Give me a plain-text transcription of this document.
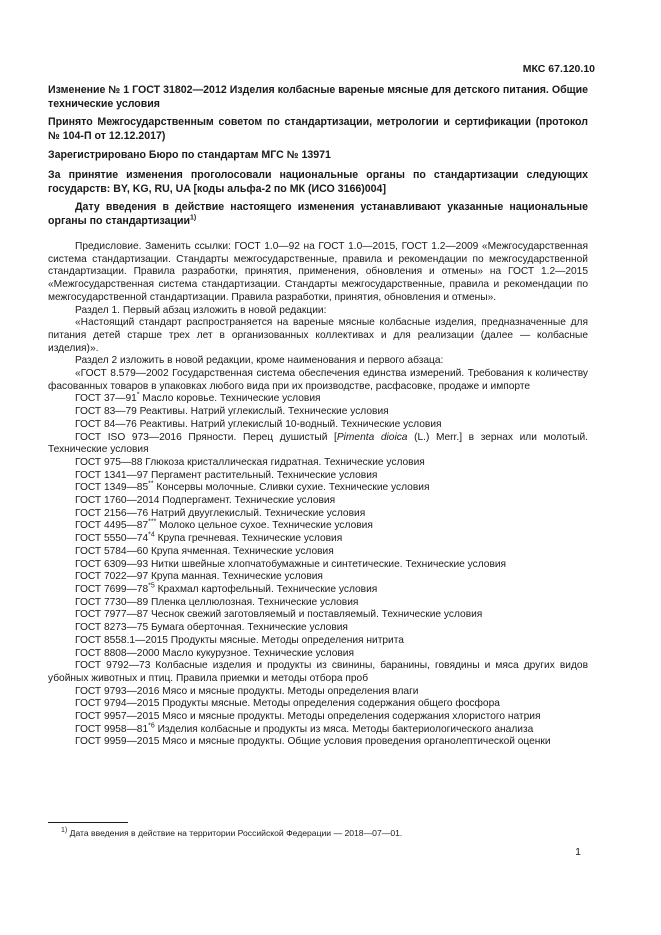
МКС 67.120.10
Изменение № 1 ГОСТ 31802—2012 Изделия колбасные вареные мясные для детского питания. Общие технические условия
Принято Межгосударственным советом по стандартизации, метрологии и сертификации (протокол № 104-П от 12.12.2017)
Зарегистрировано Бюро по стандартам МГС № 13971
За принятие изменения проголосовали национальные органы по стандартизации следующих государств: BY, KG, RU, UA [коды альфа-2 по МК (ИСО 3166)004]
Дату введения в действие настоящего изменения устанавливают указанные национальные органы по стандартизации$^{1)}$
Предисловие. Заменить ссылки: ГОСТ 1.0—92 на ГОСТ 1.0—2015, ГОСТ 1.2—2009 «Межгосударственная система стандартизации. Стандарты межгосударственные, правила и рекомендации по межгосударственной стандартизации. Правила разработки, принятия, применения, обновления и отмены» на ГОСТ 1.2—2015 «Межгосударственная система стандартизации. Стандарты межгосударственные, правила и рекомендации по межгосударственной стандартизации. Правила разработки, принятия, обновления и отмены».
Раздел 1. Первый абзац изложить в новой редакции:
«Настоящий стандарт распространяется на вареные мясные колбасные изделия, предназначенные для питания детей старше трех лет в организованных коллективах и для реализации (далее — колбасные изделия)».
Раздел 2 изложить в новой редакции, кроме наименования и первого абзаца:
«ГОСТ 8.579—2002 Государственная система обеспечения единства измерений. Требования к количеству фасованных товаров в упаковках любого вида при их производстве, расфасовке, продаже и импорте
ГОСТ 37—91* Масло коровье. Технические условия
ГОСТ 83—79 Реактивы. Натрий углекислый. Технические условия
ГОСТ 84—76 Реактивы. Натрий углекислый 10-водный. Технические условия
ГОСТ ISO 973—2016 Пряности. Перец душистый [Pimenta dioica (L.) Merr.] в зернах или молотый. Технические условия
ГОСТ 975—88 Глюкоза кристаллическая гидратная. Технические условия
ГОСТ 1341—97 Пергамент растительный. Технические условия
ГОСТ 1349—85** Консервы молочные. Сливки сухие. Технические условия
ГОСТ 1760—2014 Подпергамент. Технические условия
ГОСТ 2156—76 Натрий двууглекислый. Технические условия
ГОСТ 4495—87*** Молоко цельное сухое. Технические условия
ГОСТ 5550—74$^{*4}$ Крупа гречневая. Технические условия
ГОСТ 5784—60 Крупа ячменная. Технические условия
ГОСТ 6309—93 Нитки швейные хлопчатобумажные и синтетические. Технические условия
ГОСТ 7022—97 Крупа манная. Технические условия
ГОСТ 7699—78$^{*5}$ Крахмал картофельный. Технические условия
ГОСТ 7730—89 Пленка целлюлозная. Технические условия
ГОСТ 7977—87 Чеснок свежий заготовляемый и поставляемый. Технические условия
ГОСТ 8273—75 Бумага оберточная. Технические условия
ГОСТ 8558.1—2015 Продукты мясные. Методы определения нитрита
ГОСТ 8808—2000 Масло кукурузное. Технические условия
ГОСТ 9792—73 Колбасные изделия и продукты из свинины, баранины, говядины и мяса других видов убойных животных и птиц. Правила приемки и методы отбора проб
ГОСТ 9793—2016 Мясо и мясные продукты. Методы определения влаги
ГОСТ 9794—2015 Продукты мясные. Методы определения содержания общего фосфора
ГОСТ 9957—2015 Мясо и мясные продукты. Методы определения содержания хлористого натрия
ГОСТ 9958—81$^{*6}$ Изделия колбасные и продукты из мяса. Методы бактериологического анализа
ГОСТ 9959—2015 Мясо и мясные продукты. Общие условия проведения органолептической оценки
$^{1)}$ Дата введения в действие на территории Российской Федерации — 2018—07—01.
1
